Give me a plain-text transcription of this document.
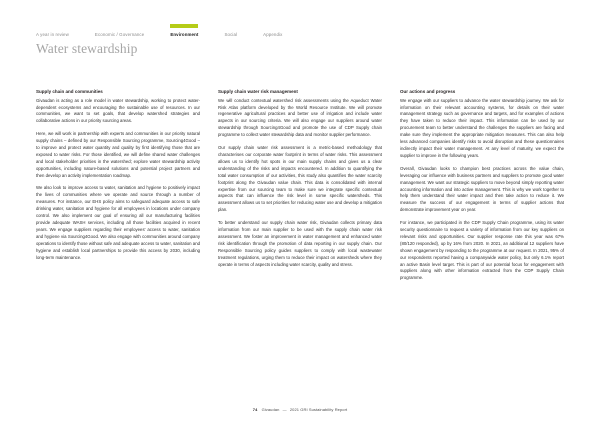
A year in review	Economic / Governance	Environment	Social	Appendix
Water stewardship
Supply chain and communities

Givaudan is acting as a role model in water stewardship, working to protect water-dependent ecosystems and encouraging the sustainable use of resources. In our communities, we want to set goals, that develop watershed strategies and collaborative actions in our priority sourcing areas.

Here, we will work in partnership with experts and communities in our priority natural supply chains – defined by our Responsible Sourcing programme, Sourcing4Good – to improve and protect water quantity and quality by first identifying those that are exposed to water risks. For those identified, we will define shared water challenges and local stakeholder priorities in the watershed; explore water stewardship activity opportunities, including nature-based solutions and potential project partners and then develop an activity implementation roadmap.

We also look to improve access to water, sanitation and hygiene to positively impact the lives of communities where we operate and source through a number of measures. For instance, our EHS policy aims to safeguard adequate access to safe drinking water, sanitation and hygiene for all employees in locations under company control. We also implement our goal of ensuring all our manufacturing facilities provide adequate WASH services, including all those facilities acquired in recent years. We engage suppliers regarding their employees' access to water, sanitation and hygiene via Sourcing4Good. We also engage with communities around company operations to identify those without safe and adequate access to water, sanitation and hygiene and establish local partnerships to provide this access by 2030, including long-term maintenance.

Supply chain water risk management

We will conduct contextual watershed risk assessments using the Aqueduct Water Risk Atlas platform developed by the World Resource Institute. We will promote regenerative agricultural practices and better use of irrigation and include water aspects in our sourcing criteria. We will also engage our suppliers around water stewardship through Sourcing4Good and promote the use of CDP Supply chain programme to collect water stewardship data and monitor supplier performance.

Our supply chain water risk assessment is a metric-based methodology that characterises our corporate water footprint in terms of water risks. This assessment allows us to identify hot spots in our main supply chains and gives us a clear understanding of the risks and impacts encountered. In addition to quantifying the total water consumption of our activities, this study also quantifies the water scarcity footprint along the Givaudan value chain. This data is consolidated with internal expertise from our sourcing team to make sure we integrate specific contextual aspects that can influence the risk level in some specific watersheds. This assessment allows us to set priorities for reducing water use and develop a mitigation plan.

To better understand our supply chain water risk, Givaudan collects primary data information from our main supplier to be used with the supply chain water risk assessment. We foster an improvement in water management and enhanced water risk identification through the promotion of data reporting in our supply chain. Our Responsible Sourcing policy guides suppliers to comply with local wastewater treatment regulations, urging them to reduce their impact on watersheds where they operate in terms of aspects including water scarcity, quality and stress.

Our actions and progress

We engage with our suppliers to advance the water stewardship journey. We ask for information on their relevant accounting systems, for details on their water management strategy such as governance and targets, and for examples of actions they have taken to reduce their impact. This information can be used by our procurement team to better understand the challenges the suppliers are facing and make sure they implement the appropriate mitigation measures. This can also help less advanced companies identify risks to avoid disruption and these questionnaires indirectly impact their water management. At any level of maturity, we expect the supplier to improve in the following years.

Overall, Givaudan looks to champion best practices across the value chain, leveraging our influence with business partners and suppliers to promote good water management. We want our strategic suppliers to move beyond simply reporting water accounting information and into active management. This is why we work together to help them understand their water impact and then take action to reduce it. We measure the success of our engagement in terms of supplier actions that demonstrate improvement year on year.

For instance, we participated in the CDP Supply Chain programme, using its water security questionnaire to request a variety of information from our key suppliers on relevant risks and opportunities. Our supplier response rate this year was 67% (80/120 responded), up by 16% from 2020. In 2021, an additional 12 suppliers have shown engagement by responding to the programme at our request. In 2021, 95% of our respondents reported having a companywide water policy, but only 6.1% report an active Basin level target. This is part of our potential focus for engagement with suppliers along with other information extracted from the CDP Supply Chain programme.

74 Givaudan — 2021 GRI Sustainability Report
